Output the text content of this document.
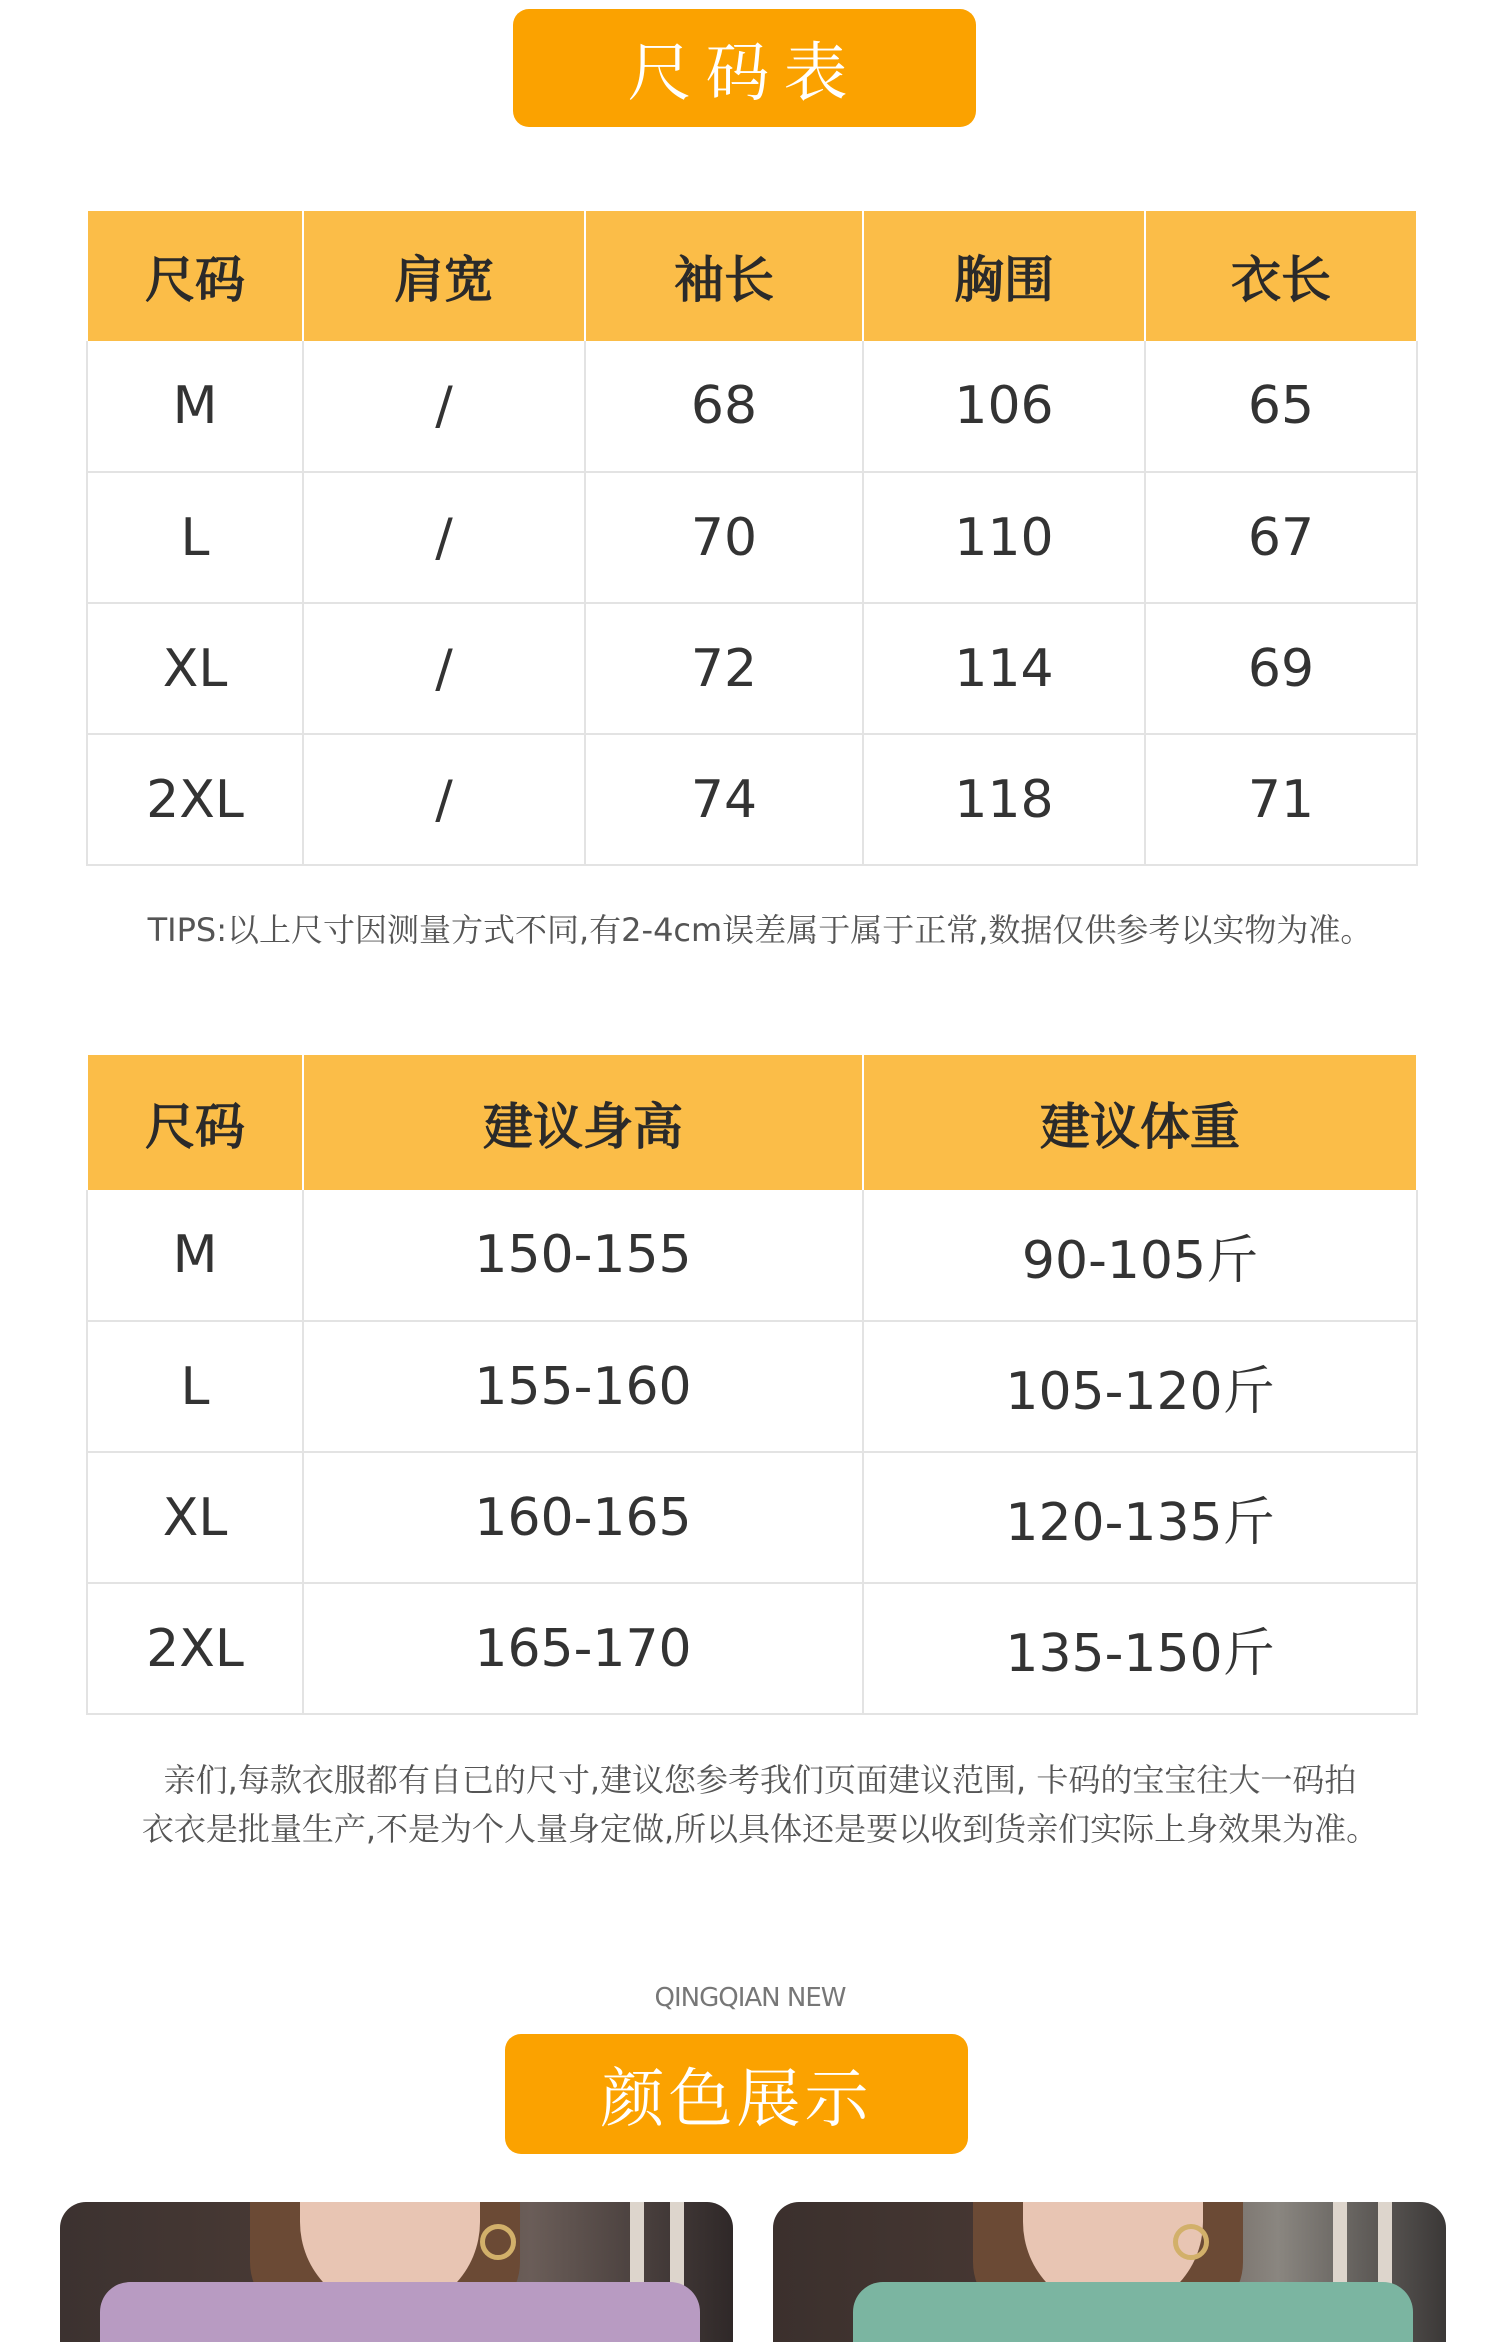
尺码表
尺码	肩宽	袖长	胸围	衣长
M	/	68	106	65
L	/	70	110	67
XL	/	72	114	69
2XL	/	74	118	71
TIPS:以上尺寸因测量方式不同,有2-4cm误差属于属于正常,数据仅供参考以实物为准。
尺码	建议身高	建议体重
M	150-155	90-105斤
L	155-160	105-120斤
XL	160-165	120-135斤
2XL	165-170	135-150斤
亲们,每款衣服都有自已的尺寸,建议您参考我们页面建议范围, 卡码的宝宝往大一码拍
衣衣是批量生产,不是为个人量身定做,所以具体还是要以收到货亲们实际上身效果为准。
QINGQIAN NEW
颜色展示
